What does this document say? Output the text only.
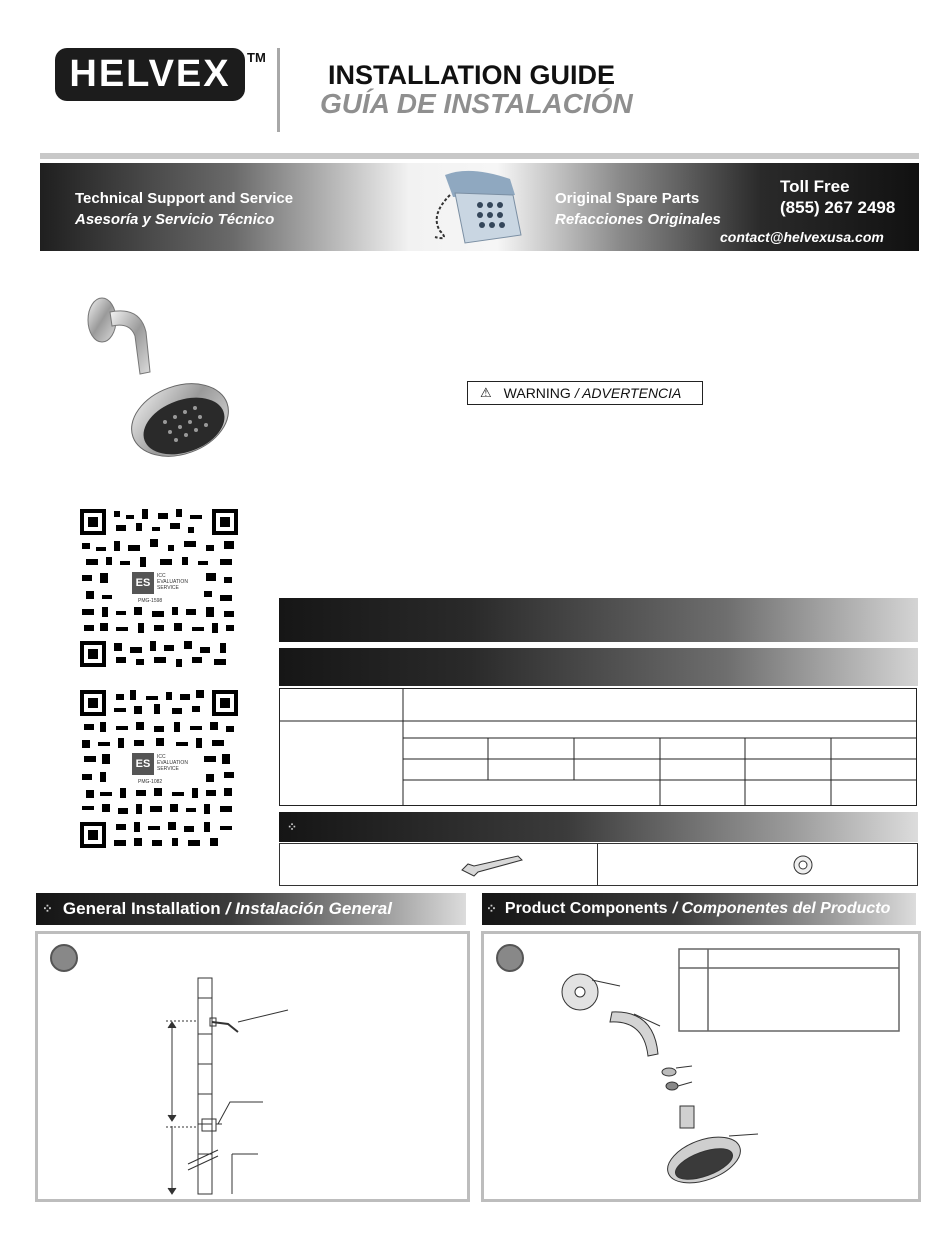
HELVEX TM
INSTALLATION GUIDE
GUÍA DE INSTALACIÓN
Technical Support and Service
Asesoría y Servicio Técnico
Original Spare Parts
Refacciones Originales
Toll Free
(855) 267 2498
contact@helvexusa.com
⚠ WARNING / ADVERTENCIA
ES
ICC
EVALUATION
SERVICE
PMG-1598
ES
ICC
EVALUATION
SERVICE
PMG-1082
⁘
⁘ General Installation / Instalación General	⁘ Product Components / Componentes del Producto
